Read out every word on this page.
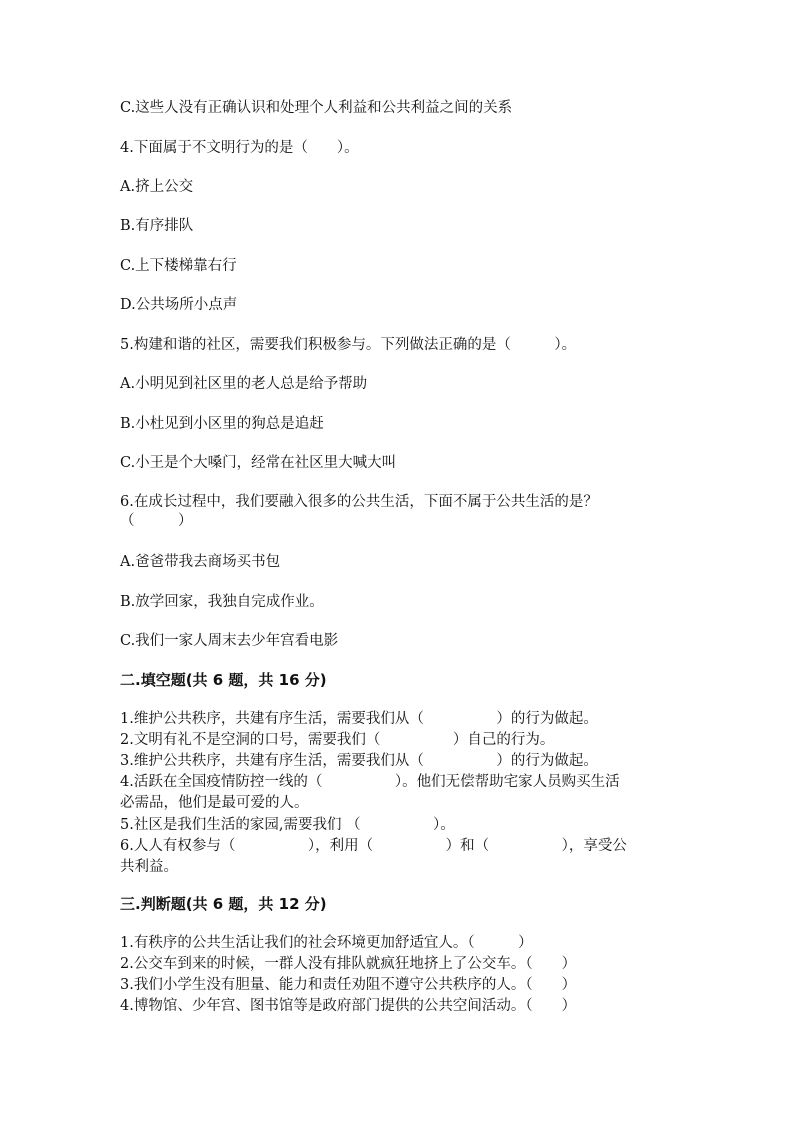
C.这些人没有正确认识和处理个人利益和公共利益之间的关系
4.下面属于不文明行为的是（　　）。
A.挤上公交
B.有序排队
C.上下楼梯靠右行
D.公共场所小点声
5.构建和谐的社区，需要我们积极参与。下列做法正确的是（　　　）。
A.小明见到社区里的老人总是给予帮助
B.小杜见到小区里的狗总是追赶
C.小王是个大嗓门，经常在社区里大喊大叫
6.在成长过程中，我们要融入很多的公共生活，下面不属于公共生活的是？
（　　　）
A.爸爸带我去商场买书包
B.放学回家，我独自完成作业。
C.我们一家人周末去少年宫看电影
二.填空题(共 6 题，共 16 分)
1.维护公共秩序，共建有序生活，需要我们从（　　　　　）的行为做起。
2.文明有礼不是空洞的口号，需要我们（　　　　　）自己的行为。
3.维护公共秩序，共建有序生活，需要我们从（　　　　　）的行为做起。
4.活跃在全国疫情防控一线的（　　　　　）。他们无偿帮助宅家人员购买生活
必需品，他们是最可爱的人。
5.社区是我们生活的家园,需要我们 （　　　　　）。
6.人人有权参与（　　　　　），利用（　　　　　）和（　　　　　），享受公
共利益。
三.判断题(共 6 题，共 12 分)
1.有秩序的公共生活让我们的社会环境更加舒适宜人。（　　　）
2.公交车到来的时候，一群人没有排队就疯狂地挤上了公交车。（　　）
3.我们小学生没有胆量、能力和责任劝阻不遵守公共秩序的人。（　　）
4.博物馆、少年宫、图书馆等是政府部门提供的公共空间活动。（　　）
